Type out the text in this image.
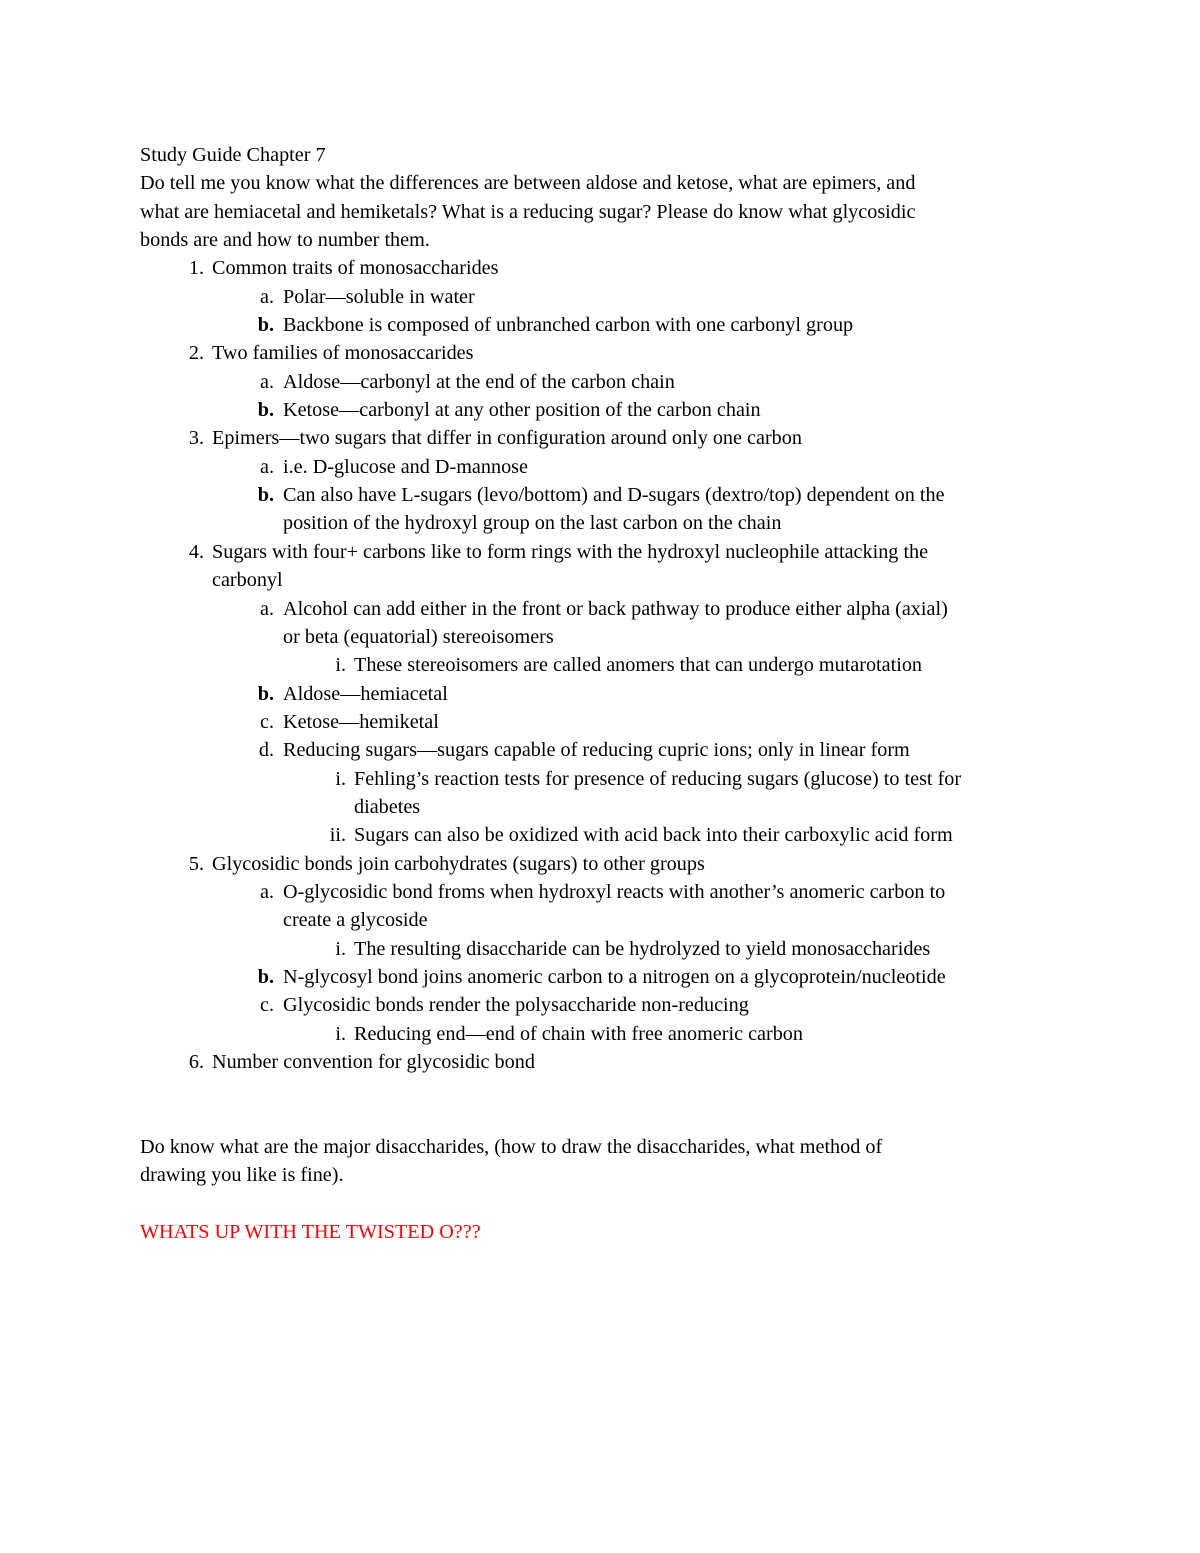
Study Guide Chapter 7
Do tell me you know what the differences are between aldose and ketose, what are epimers, and
what are hemiacetal and hemiketals? What is a reducing sugar? Please do know what glycosidic
bonds are and how to number them.
1. Common traits of monosaccharides
a. Polar—soluble in water
b. Backbone is composed of unbranched carbon with one carbonyl group
2. Two families of monosaccarides
a. Aldose—carbonyl at the end of the carbon chain
b. Ketose—carbonyl at any other position of the carbon chain
3. Epimers—two sugars that differ in configuration around only one carbon
a. i.e. D-glucose and D-mannose
b. Can also have L-sugars (levo/bottom) and D-sugars (dextro/top) dependent on the
position of the hydroxyl group on the last carbon on the chain
4. Sugars with four+ carbons like to form rings with the hydroxyl nucleophile attacking the
carbonyl
a. Alcohol can add either in the front or back pathway to produce either alpha (axial)
or beta (equatorial) stereoisomers
i. These stereoisomers are called anomers that can undergo mutarotation
b. Aldose—hemiacetal
c. Ketose—hemiketal
d. Reducing sugars—sugars capable of reducing cupric ions; only in linear form
i. Fehling’s reaction tests for presence of reducing sugars (glucose) to test for
diabetes
ii. Sugars can also be oxidized with acid back into their carboxylic acid form
5. Glycosidic bonds join carbohydrates (sugars) to other groups
a. O-glycosidic bond froms when hydroxyl reacts with another’s anomeric carbon to
create a glycoside
i. The resulting disaccharide can be hydrolyzed to yield monosaccharides
b. N-glycosyl bond joins anomeric carbon to a nitrogen on a glycoprotein/nucleotide
c. Glycosidic bonds render the polysaccharide non-reducing
i. Reducing end—end of chain with free anomeric carbon
6. Number convention for glycosidic bond
Do know what are the major disaccharides, (how to draw the disaccharides, what method of
drawing you like is fine).
WHATS UP WITH THE TWISTED O???
